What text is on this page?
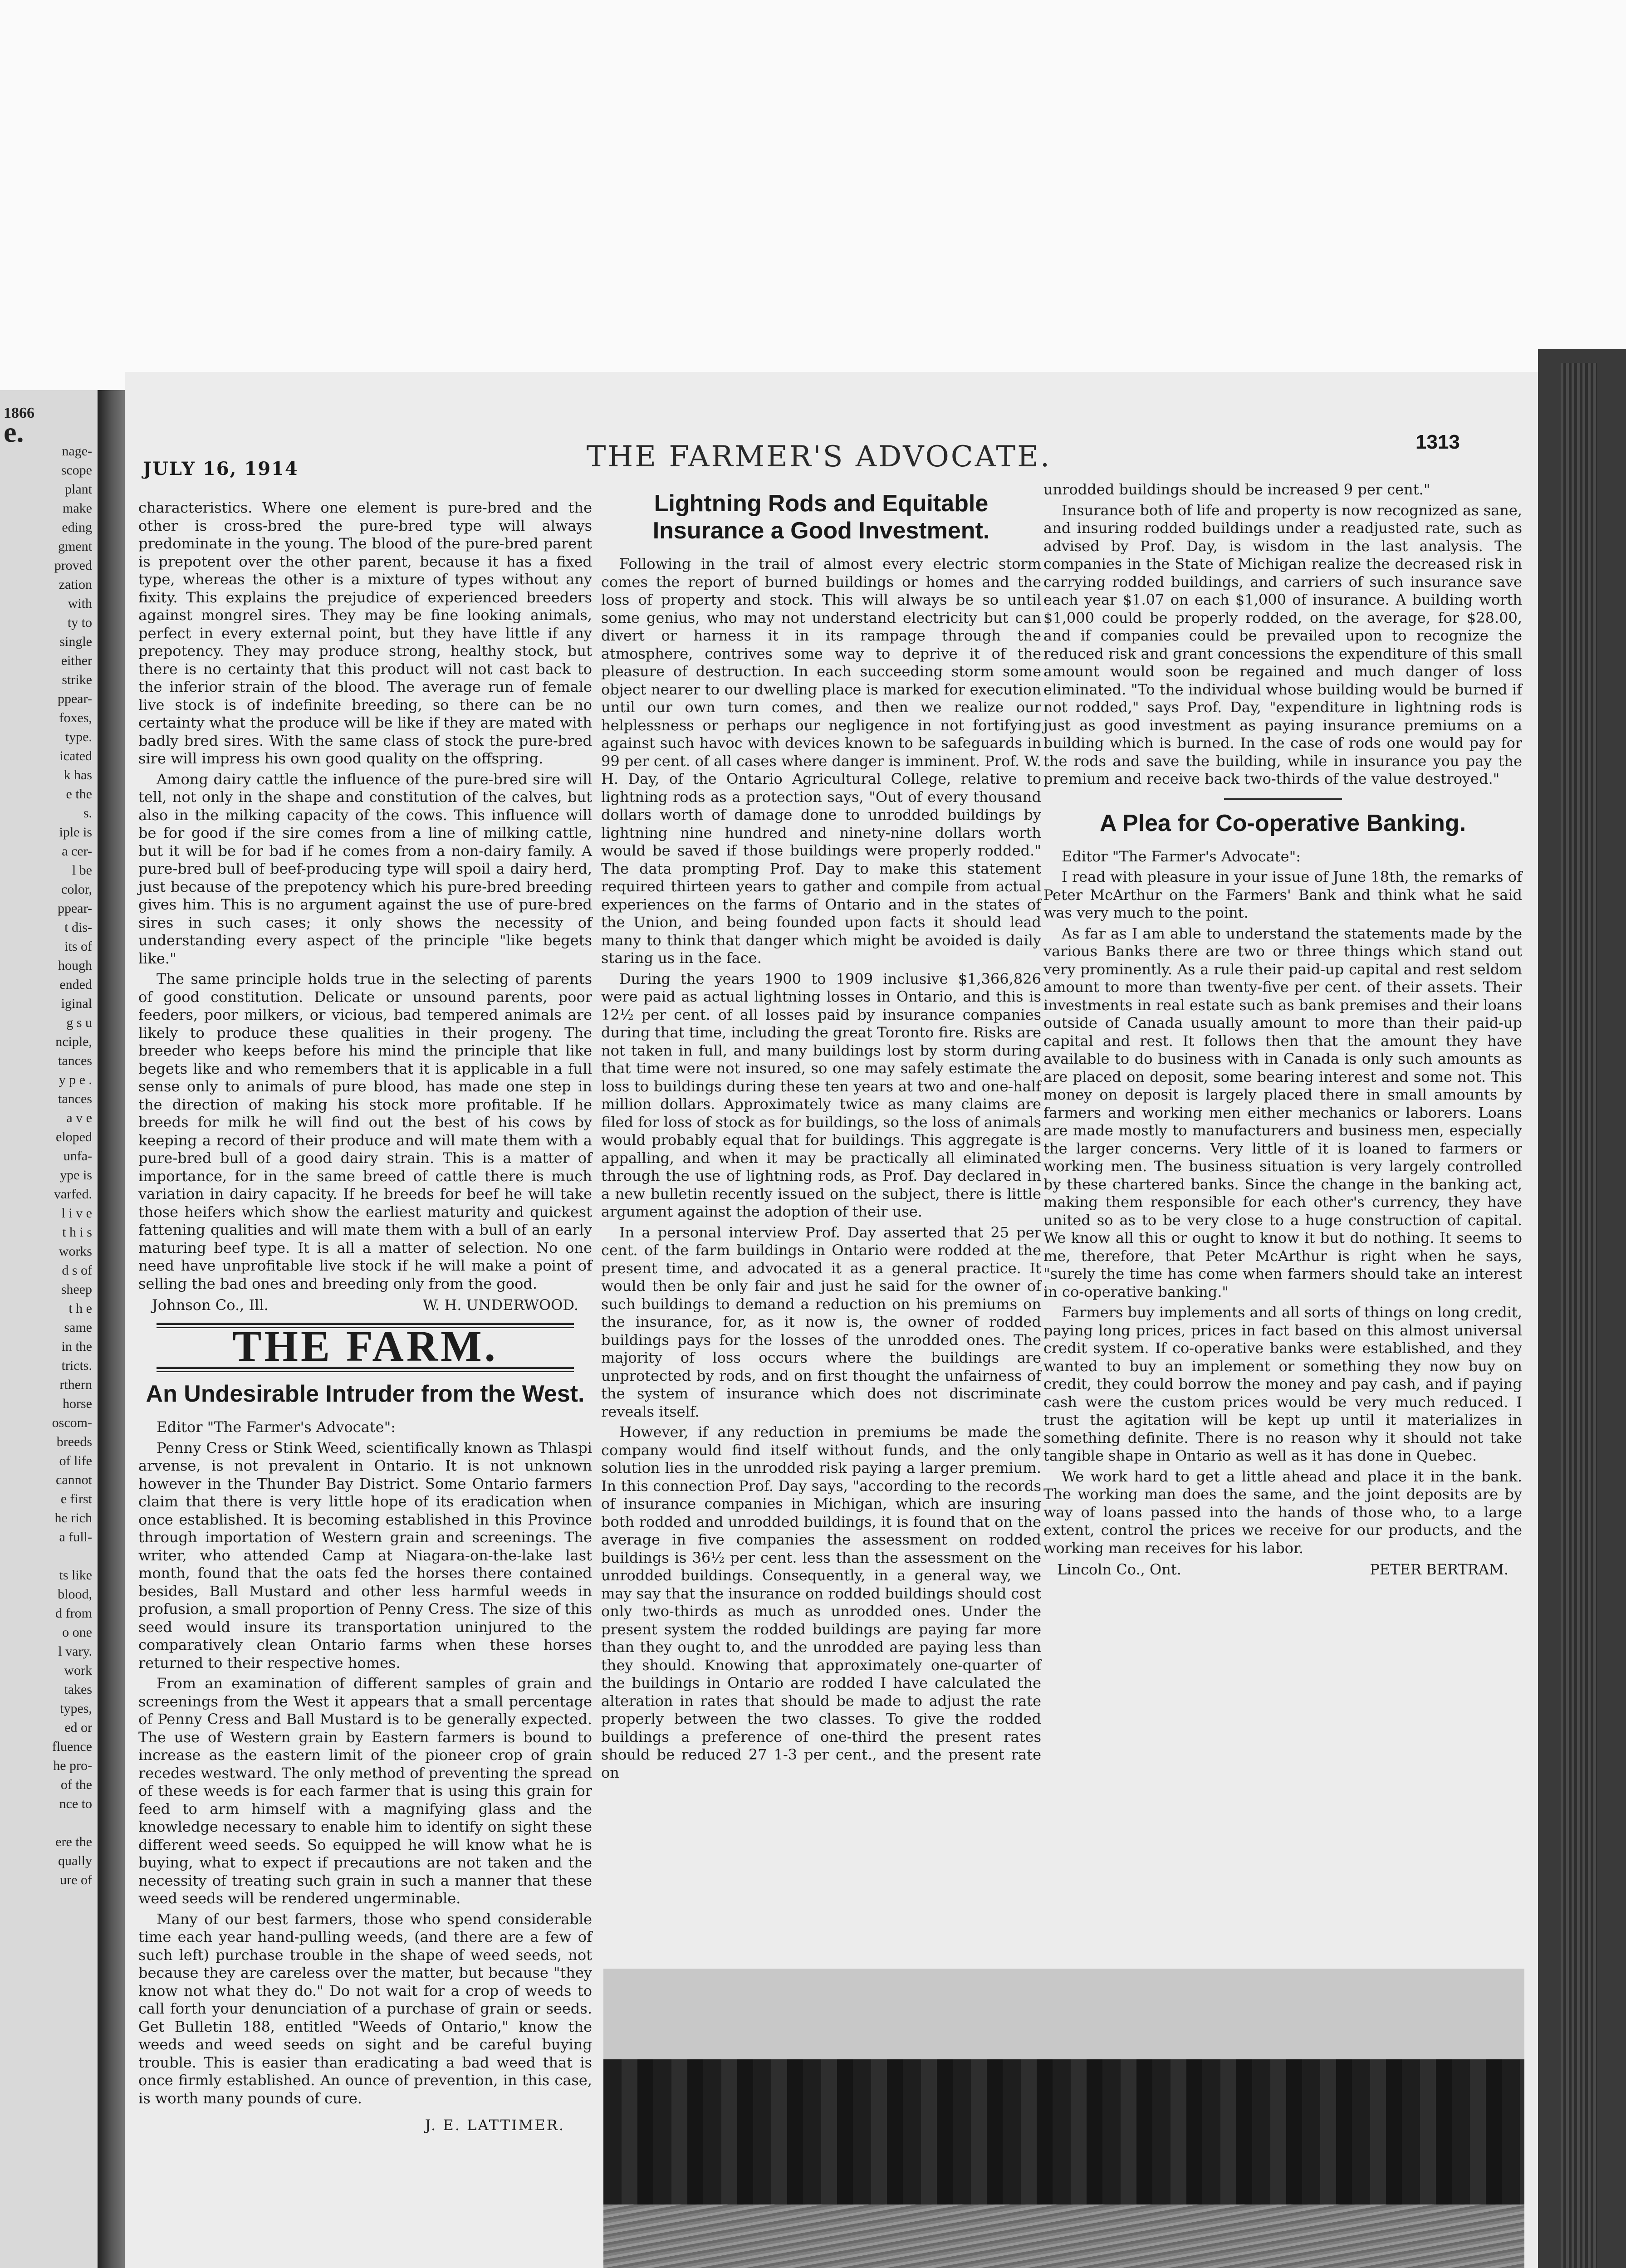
1866
e.
nage-
scope
plant
make
eding
gment
proved
zation
with
ty to
single
either
strike
ppear-
foxes,
type.
icated
k has
e the
s.
iple is
a cer-
l be
color,
ppear-
t dis-
its of
hough
ended
iginal
g s u
nciple,
tances
y p e .
tances
a v e
eloped
unfa-
ype is
varfed.
l i v e
t h i s
works
d s of
sheep
t h e
same
in the
tricts.
rthern
horse
oscom-
breeds
of life
cannot
e first
he rich
a full-

ts like
blood,
d from
o one
l vary.
work
takes
types,
ed or
fluence
he pro-
of the
nce to

ere the
qually
ure of
JULY 16, 1914	THE FARMER'S ADVOCATE.	1313

characteristics. Where one element is pure-bred and the other is cross-bred the pure-bred type will always predominate in the young. The blood of the pure-bred parent is prepotent over the other parent, because it has a fixed type, whereas the other is a mixture of types without any fixity. This explains the prejudice of experienced breeders against mongrel sires. They may be fine looking animals, perfect in every external point, but they have little if any prepotency. They may produce strong, healthy stock, but there is no certainty that this product will not cast back to the inferior strain of the blood. The average run of female live stock is of indefinite breeding, so there can be no certainty what the produce will be like if they are mated with badly bred sires. With the same class of stock the pure-bred sire will impress his own good quality on the offspring.

Among dairy cattle the influence of the pure-bred sire will tell, not only in the shape and constitution of the calves, but also in the milking capacity of the cows. This influence will be for good if the sire comes from a line of milking cattle, but it will be for bad if he comes from a non-dairy family. A pure-bred bull of beef-producing type will spoil a dairy herd, just because of the prepotency which his pure-bred breeding gives him. This is no argument against the use of pure-bred sires in such cases; it only shows the necessity of understanding every aspect of the principle "like begets like."

The same principle holds true in the selecting of parents of good constitution. Delicate or unsound parents, poor feeders, poor milkers, or vicious, bad tempered animals are likely to produce these qualities in their progeny. The breeder who keeps before his mind the principle that like begets like and who remembers that it is applicable in a full sense only to animals of pure blood, has made one step in the direction of making his stock more profitable. If he breeds for milk he will find out the best of his cows by keeping a record of their produce and will mate them with a pure-bred bull of a good dairy strain. This is a matter of importance, for in the same breed of cattle there is much variation in dairy capacity. If he breeds for beef he will take those heifers which show the earliest maturity and quickest fattening qualities and will mate them with a bull of an early maturing beef type. It is all a matter of selection. No one need have unprofitable live stock if he will make a point of selling the bad ones and breeding only from the good.

Johnson Co., Ill.	W. H. UNDERWOOD.
THE FARM.
An Undesirable Intruder from the West.
Editor "The Farmer's Advocate":

Penny Cress or Stink Weed, scientifically known as Thlaspi arvense, is not prevalent in Ontario. It is not unknown however in the Thunder Bay District. Some Ontario farmers claim that there is very little hope of its eradication when once established. It is becoming established in this Province through importation of Western grain and screenings. The writer, who attended Camp at Niagara-on-the-lake last month, found that the oats fed the horses there contained besides, Ball Mustard and other less harmful weeds in profusion, a small proportion of Penny Cress. The size of this seed would insure its transportation uninjured to the comparatively clean Ontario farms when these horses returned to their respective homes.

From an examination of different samples of grain and screenings from the West it appears that a small percentage of Penny Cress and Ball Mustard is to be generally expected. The use of Western grain by Eastern farmers is bound to increase as the eastern limit of the pioneer crop of grain recedes westward. The only method of preventing the spread of these weeds is for each farmer that is using this grain for feed to arm himself with a magnifying glass and the knowledge necessary to enable him to identify on sight these different weed seeds. So equipped he will know what he is buying, what to expect if precautions are not taken and the necessity of treating such grain in such a manner that these weed seeds will be rendered ungerminable.

Many of our best farmers, those who spend considerable time each year hand-pulling weeds, (and there are a few of such left) purchase trouble in the shape of weed seeds, not because they are careless over the matter, but because "they know not what they do." Do not wait for a crop of weeds to call forth your denunciation of a purchase of grain or seeds. Get Bulletin 188, entitled "Weeds of Ontario," know the weeds and weed seeds on sight and be careful buying trouble. This is easier than eradicating a bad weed that is once firmly established. An ounce of prevention, in this case, is worth many pounds of cure.

J. E. LATTIMER.
Lightning Rods and Equitable Insurance a Good Investment.

Following in the trail of almost every electric storm comes the report of burned buildings or homes and the loss of property and stock. This will always be so until some genius, who may not understand electricity but can divert or harness it in its rampage through the atmosphere, contrives some way to deprive it of the pleasure of destruction. In each succeeding storm some object nearer to our dwelling place is marked for execution until our own turn comes, and then we realize our helplessness or perhaps our negligence in not fortifying against such havoc with devices known to be safeguards in 99 per cent. of all cases where danger is imminent. Prof. W. H. Day, of the Ontario Agricultural College, relative to lightning rods as a protection says, "Out of every thousand dollars worth of damage done to unrodded buildings by lightning nine hundred and ninety-nine dollars worth would be saved if those buildings were properly rodded." The data prompting Prof. Day to make this statement required thirteen years to gather and compile from actual experiences on the farms of Ontario and in the states of the Union, and being founded upon facts it should lead many to think that danger which might be avoided is daily staring us in the face.

During the years 1900 to 1909 inclusive $1,366,826 were paid as actual lightning losses in Ontario, and this is 12½ per cent. of all losses paid by insurance companies during that time, including the great Toronto fire. Risks are not taken in full, and many buildings lost by storm during that time were not insured, so one may safely estimate the loss to buildings during these ten years at two and one-half million dollars. Approximately twice as many claims are filed for loss of stock as for buildings, so the loss of animals would probably equal that for buildings. This aggregate is appalling, and when it may be practically all eliminated through the use of lightning rods, as Prof. Day declared in a new bulletin recently issued on the subject, there is little argument against the adoption of their use.

In a personal interview Prof. Day asserted that 25 per cent. of the farm buildings in Ontario were rodded at the present time, and advocated it as a general practice. It would then be only fair and just he said for the owner of such buildings to demand a reduction on his premiums on the insurance, for, as it now is, the owner of rodded buildings pays for the losses of the unrodded ones. The majority of loss occurs where the buildings are unprotected by rods, and on first thought the unfairness of the system of insurance which does not discriminate reveals itself.

However, if any reduction in premiums be made the company would find itself without funds, and the only solution lies in the unrodded risk paying a larger premium. In this connection Prof. Day says, "according to the records of insurance companies in Michigan, which are insuring both rodded and unrodded buildings, it is found that on the average in five companies the assessment on rodded buildings is 36½ per cent. less than the assessment on the unrodded buildings. Consequently, in a general way, we may say that the insurance on rodded buildings should cost only two-thirds as much as unrodded ones. Under the present system the rodded buildings are paying far more than they ought to, and the unrodded are paying less than they should. Knowing that approximately one-quarter of the buildings in Ontario are rodded I have calculated the alteration in rates that should be made to adjust the rate properly between the two classes. To give the rodded buildings a preference of one-third the present rates should be reduced 27 1-3 per cent., and the present rate on

unrodded buildings should be increased 9 per cent."

Insurance both of life and property is now recognized as sane, and insuring rodded buildings under a readjusted rate, such as advised by Prof. Day, is wisdom in the last analysis. The companies in the State of Michigan realize the decreased risk in carrying rodded buildings, and carriers of such insurance save each year $1.07 on each $1,000 of insurance. A building worth $1,000 could be properly rodded, on the average, for $28.00, and if companies could be prevailed upon to recognize the reduced risk and grant concessions the expenditure of this small amount would soon be regained and much danger of loss eliminated. "To the individual whose building would be burned if not rodded," says Prof. Day, "expenditure in lightning rods is just as good investment as paying insurance premiums on a building which is burned. In the case of rods one would pay for the rods and save the building, while in insurance you pay the premium and receive back two-thirds of the value destroyed."

A Plea for Co-operative Banking.
Editor "The Farmer's Advocate":

I read with pleasure in your issue of June 18th, the remarks of Peter McArthur on the Farmers' Bank and think what he said was very much to the point.

As far as I am able to understand the statements made by the various Banks there are two or three things which stand out very prominently. As a rule their paid-up capital and rest seldom amount to more than twenty-five per cent. of their assets. Their investments in real estate such as bank premises and their loans outside of Canada usually amount to more than their paid-up capital and rest. It follows then that the amount they have available to do business with in Canada is only such amounts as are placed on deposit, some bearing interest and some not. This money on deposit is largely placed there in small amounts by farmers and working men either mechanics or laborers. Loans are made mostly to manufacturers and business men, especially the larger concerns. Very little of it is loaned to farmers or working men. The business situation is very largely controlled by these chartered banks. Since the change in the banking act, making them responsible for each other's currency, they have united so as to be very close to a huge construction of capital. We know all this or ought to know it but do nothing. It seems to me, therefore, that Peter McArthur is right when he says, "surely the time has come when farmers should take an interest in co-operative banking."

Farmers buy implements and all sorts of things on long credit, paying long prices, prices in fact based on this almost universal credit system. If co-operative banks were established, and they wanted to buy an implement or something they now buy on credit, they could borrow the money and pay cash, and if paying cash were the custom prices would be very much reduced. I trust the agitation will be kept up until it materializes in something definite. There is no reason why it should not take tangible shape in Ontario as well as it has done in Quebec.

We work hard to get a little ahead and place it in the bank. The working man does the same, and the joint deposits are by way of loans passed into the hands of those who, to a large extent, control the prices we receive for our products, and the working man receives for his labor.

Lincoln Co., Ont.	PETER BERTRAM.
